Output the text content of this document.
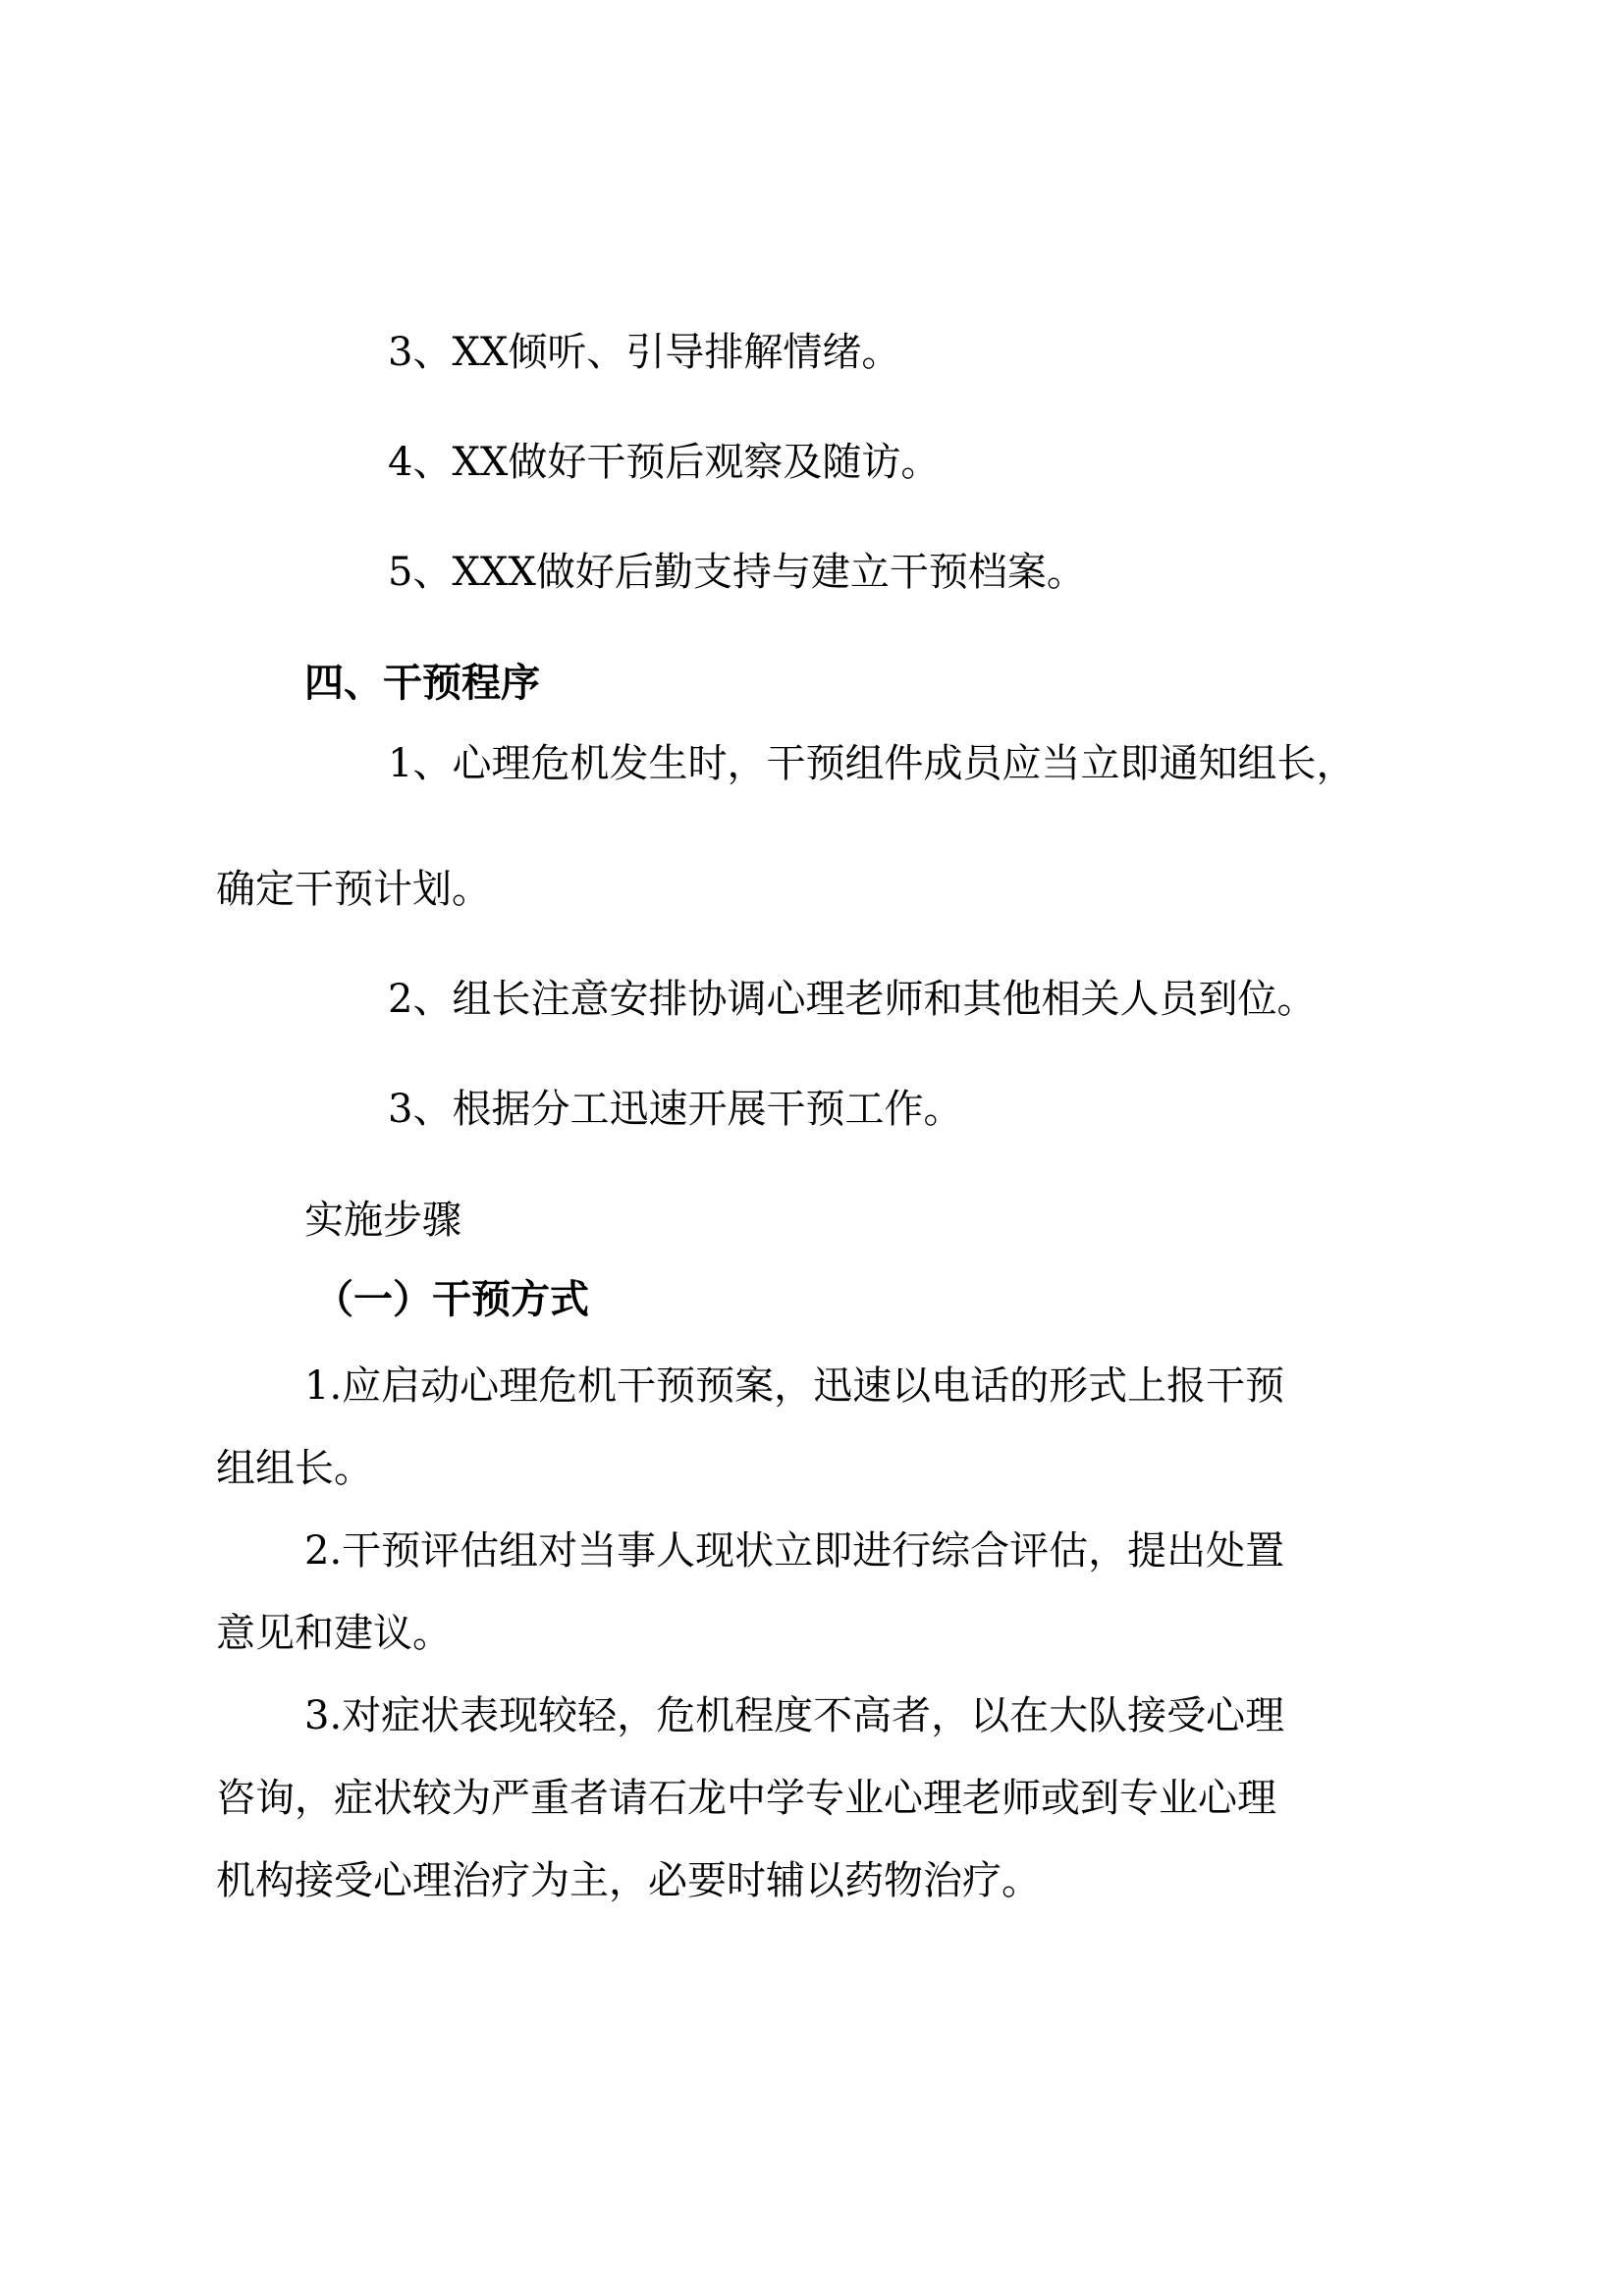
3、XX倾听、引导排解情绪。

4、XX做好干预后观察及随访。

5、XXX做好后勤支持与建立干预档案。

四、干预程序

1、心理危机发生时，干预组件成员应当立即通知组长，

确定干预计划。

2、组长注意安排协调心理老师和其他相关人员到位。

3、根据分工迅速开展干预工作。

实施步骤

（一）干预方式

1.应启动心理危机干预预案，迅速以电话的形式上报干预

组组长。

2.干预评估组对当事人现状立即进行综合评估，提出处置

意见和建议。

3.对症状表现较轻，危机程度不高者，以在大队接受心理

咨询，症状较为严重者请石龙中学专业心理老师或到专业心理

机构接受心理治疗为主，必要时辅以药物治疗。
